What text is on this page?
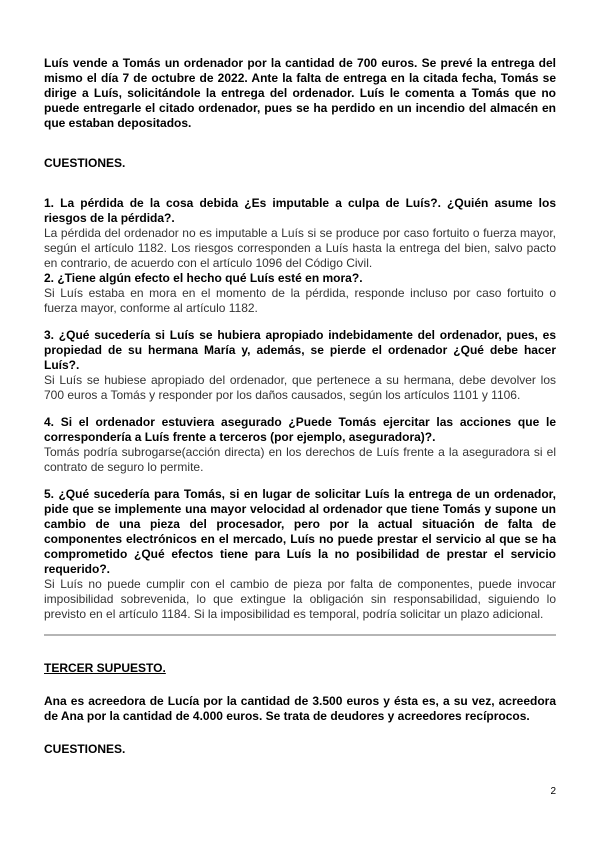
Luís vende a Tomás un ordenador por la cantidad de 700 euros. Se prevé la entrega del mismo el día 7 de octubre de 2022. Ante la falta de entrega en la citada fecha, Tomás se dirige a Luís, solicitándole la entrega del ordenador. Luís le comenta a Tomás que no puede entregarle el citado ordenador, pues se ha perdido en un incendio del almacén en que estaban depositados.

CUESTIONES.

1. La pérdida de la cosa debida ¿Es imputable a culpa de Luís?. ¿Quién asume los riesgos de la pérdida?.

La pérdida del ordenador no es imputable a Luís si se produce por caso fortuito o fuerza mayor, según el artículo 1182. Los riesgos corresponden a Luís hasta la entrega del bien, salvo pacto en contrario, de acuerdo con el artículo 1096 del Código Civil.

2. ¿Tiene algún efecto el hecho qué Luís esté en mora?.

Si Luís estaba en mora en el momento de la pérdida, responde incluso por caso fortuito o fuerza mayor, conforme al artículo 1182.

3. ¿Qué sucedería si Luís se hubiera apropiado indebidamente del ordenador, pues, es propiedad de su hermana María y, además, se pierde el ordenador ¿Qué debe hacer Luís?.

Si Luís se hubiese apropiado del ordenador, que pertenece a su hermana, debe devolver los 700 euros a Tomás y responder por los daños causados, según los artículos 1101 y 1106.

4. Si el ordenador estuviera asegurado ¿Puede Tomás ejercitar las acciones que le correspondería a Luís frente a terceros (por ejemplo, aseguradora)?.

Tomás podría subrogarse(acción directa) en los derechos de Luís frente a la aseguradora si el contrato de seguro lo permite.

5. ¿Qué sucedería para Tomás, si en lugar de solicitar Luís la entrega de un ordenador, pide que se implemente una mayor velocidad al ordenador que tiene Tomás y supone un cambio de una pieza del procesador, pero por la actual situación de falta de componentes electrónicos en el mercado, Luís no puede prestar el servicio al que se ha comprometido ¿Qué efectos tiene para Luís la no posibilidad de prestar el servicio requerido?.

Si Luís no puede cumplir con el cambio de pieza por falta de componentes, puede invocar imposibilidad sobrevenida, lo que extingue la obligación sin responsabilidad, siguiendo lo previsto en el artículo 1184. Si la imposibilidad es temporal, podría solicitar un plazo adicional.

TERCER SUPUESTO.

Ana es acreedora de Lucía por la cantidad de 3.500 euros y ésta es, a su vez, acreedora de Ana por la cantidad de 4.000 euros. Se trata de deudores y acreedores recíprocos.

CUESTIONES.

2
